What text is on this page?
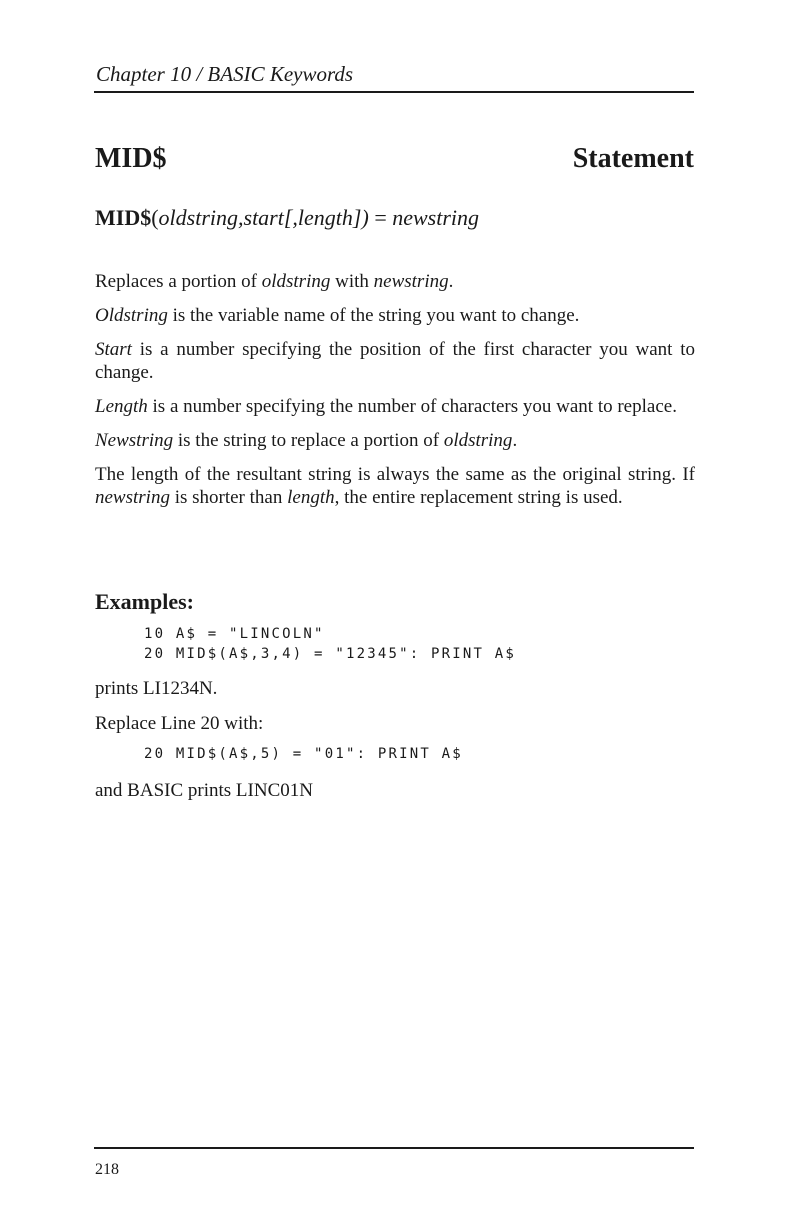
Chapter 10 / BASIC Keywords
MID$	Statement
MID$(oldstring,start[,length]) = newstring

Replaces a portion of oldstring with newstring.

Oldstring is the variable name of the string you want to change.

Start is a number specifying the position of the first character you want to change.

Length is a number specifying the number of characters you want to replace.

Newstring is the string to replace a portion of oldstring.

The length of the resultant string is always the same as the original string. If newstring is shorter than length, the entire replacement string is used.

Examples:
10 A$ = "LINCOLN"
20 MID$(A$,3,4) = "12345": PRINT A$
prints LI1234N.
Replace Line 20 with:
20 MID$(A$,5) = "01": PRINT A$
and BASIC prints LINC01N
218
